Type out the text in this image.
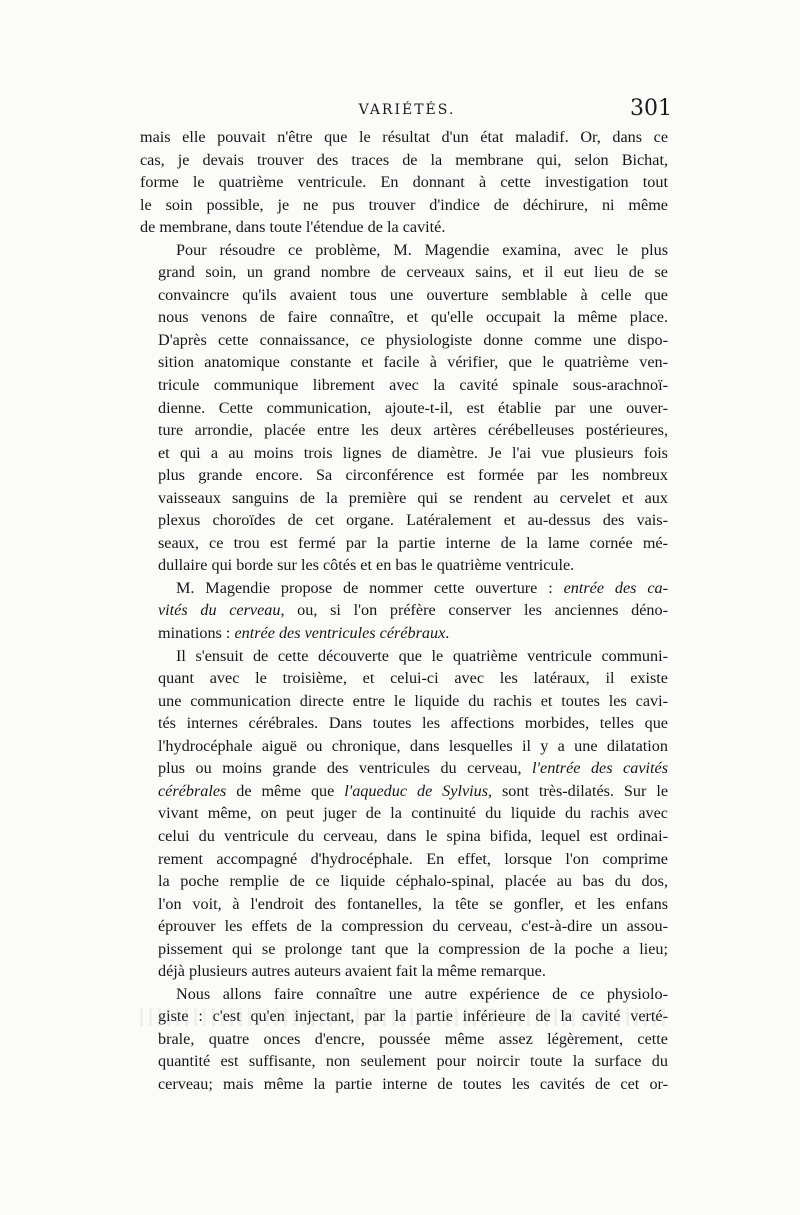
VARIÉTÉS.	301
mais elle pouvait n'être que le résultat d'un état maladif. Or, dans ce
cas, je devais trouver des traces de la membrane qui, selon Bichat,
forme le quatrième ventricule. En donnant à cette investigation tout
le soin possible, je ne pus trouver d'indice de déchirure, ni même
de membrane, dans toute l'étendue de la cavité.
Pour résoudre ce problème, M. Magendie examina, avec le plus
grand soin, un grand nombre de cerveaux sains, et il eut lieu de se
convaincre qu'ils avaient tous une ouverture semblable à celle que
nous venons de faire connaître, et qu'elle occupait la même place.
D'après cette connaissance, ce physiologiste donne comme une dispo-
sition anatomique constante et facile à vérifier, que le quatrième ven-
tricule communique librement avec la cavité spinale sous-arachnoï-
dienne. Cette communication, ajoute-t-il, est établie par une ouver-
ture arrondie, placée entre les deux artères cérébelleuses postérieures,
et qui a au moins trois lignes de diamètre. Je l'ai vue plusieurs fois
plus grande encore. Sa circonférence est formée par les nombreux
vaisseaux sanguins de la première qui se rendent au cervelet et aux
plexus choroïdes de cet organe. Latéralement et au-dessus des vais-
seaux, ce trou est fermé par la partie interne de la lame cornée mé-
dullaire qui borde sur les côtés et en bas le quatrième ventricule.
M. Magendie propose de nommer cette ouverture : entrée des ca-
vités du cerveau, ou, si l'on préfère conserver les anciennes déno-
minations : entrée des ventricules cérébraux.
Il s'ensuit de cette découverte que le quatrième ventricule communi-
quant avec le troisième, et celui-ci avec les latéraux, il existe
une communication directe entre le liquide du rachis et toutes les cavi-
tés internes cérébrales. Dans toutes les affections morbides, telles que
l'hydrocéphale aiguë ou chronique, dans lesquelles il y a une dilatation
plus ou moins grande des ventricules du cerveau, l'entrée des cavités
cérébrales de même que l'aqueduc de Sylvius, sont très-dilatés. Sur le
vivant même, on peut juger de la continuité du liquide du rachis avec
celui du ventricule du cerveau, dans le spina bifida, lequel est ordinai-
rement accompagné d'hydrocéphale. En effet, lorsque l'on comprime
la poche remplie de ce liquide céphalo-spinal, placée au bas du dos,
l'on voit, à l'endroit des fontanelles, la tête se gonfler, et les enfans
éprouver les effets de la compression du cerveau, c'est-à-dire un assou-
pissement qui se prolonge tant que la compression de la poche a lieu;
déjà plusieurs autres auteurs avaient fait la même remarque.
Nous allons faire connaître une autre expérience de ce physiolo-
giste : c'est qu'en injectant, par la partie inférieure de la cavité verté-
brale, quatre onces d'encre, poussée même assez légèrement, cette
quantité est suffisante, non seulement pour noircir toute la surface du
cerveau; mais même la partie interne de toutes les cavités de cet or-
